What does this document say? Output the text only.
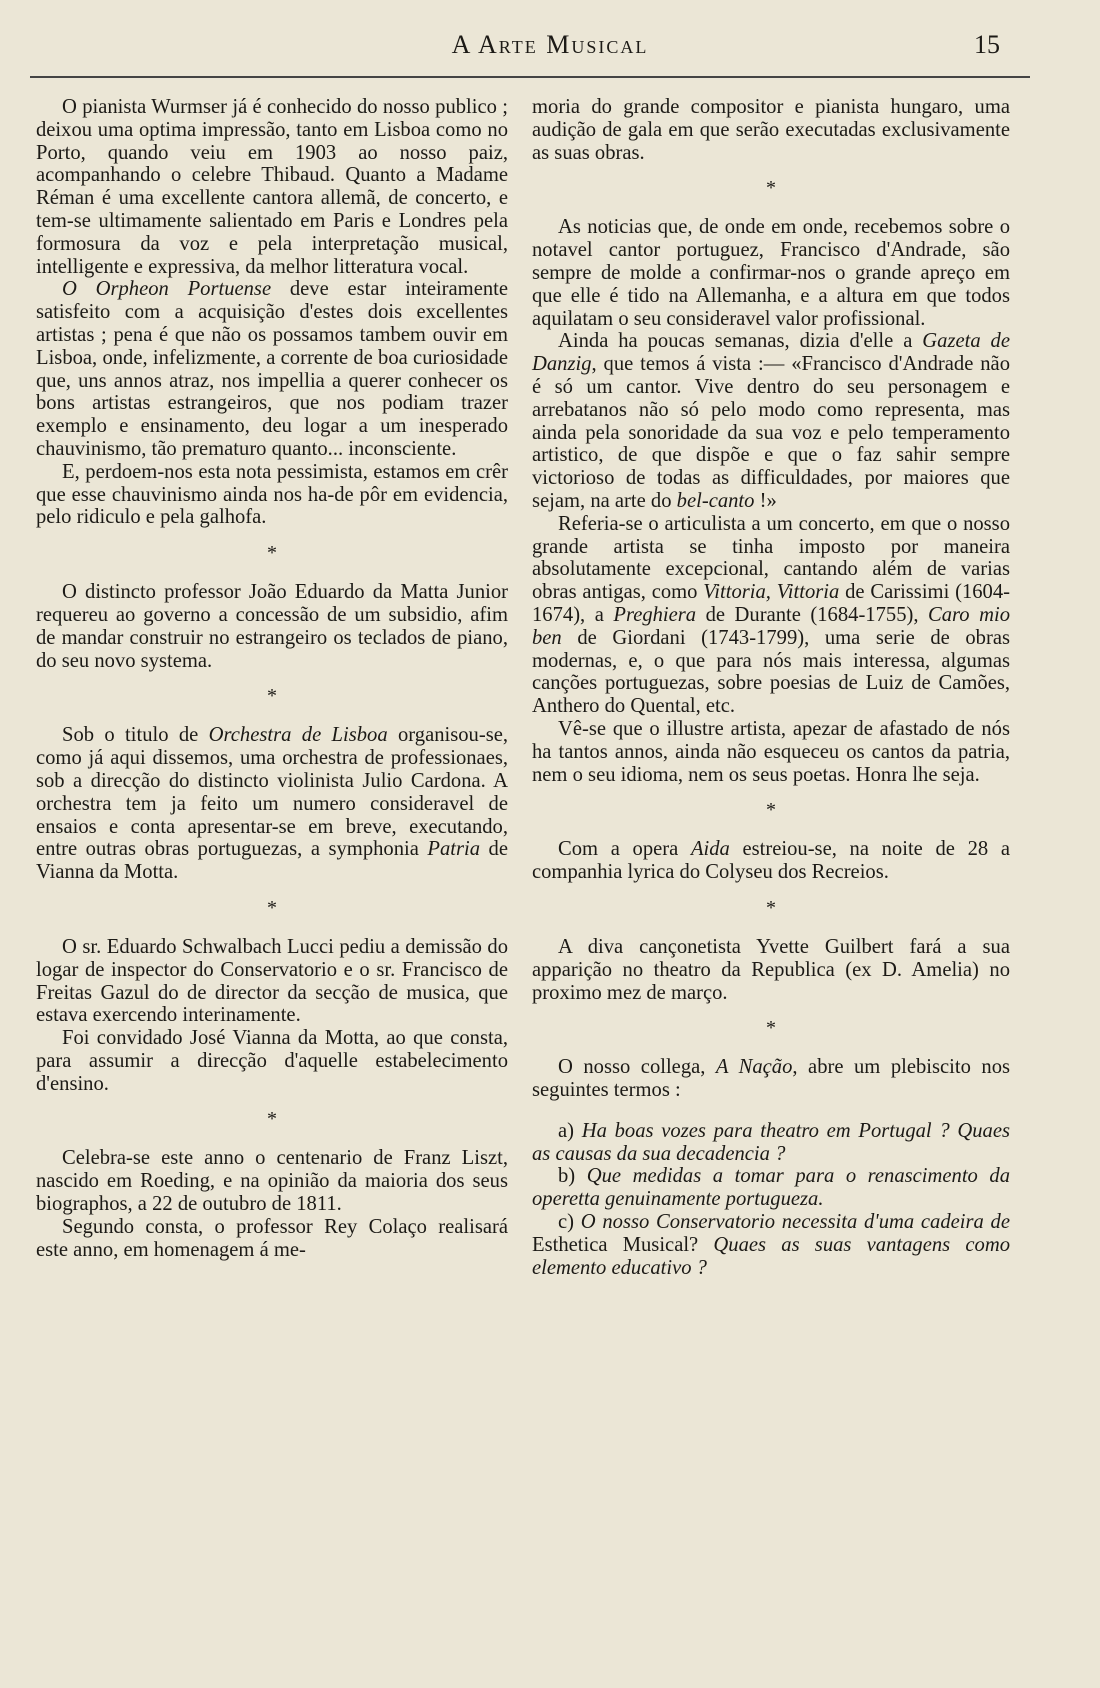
A Arte Musical	15

O pianista Wurmser já é conhecido do nosso publico ; deixou uma optima impressão, tanto em Lisboa como no Porto, quando veiu em 1903 ao nosso paiz, acompanhando o celebre Thibaud. Quanto a Madame Réman é uma excellente cantora allemã, de concerto, e tem-se ultimamente salientado em Paris e Londres pela formosura da voz e pela interpretação musical, intelligente e expressiva, da melhor litteratura vocal.

O Orpheon Portuense deve estar inteiramente satisfeito com a acquisição d'estes dois excellentes artistas ; pena é que não os possamos tambem ouvir em Lisboa, onde, infelizmente, a corrente de boa curiosidade que, uns annos atraz, nos impellia a querer conhecer os bons artistas estrangeiros, que nos podiam trazer exemplo e ensinamento, deu logar a um inesperado chauvinismo, tão prematuro quanto... inconsciente.

E, perdoem-nos esta nota pessimista, estamos em crêr que esse chauvinismo ainda nos ha-de pôr em evidencia, pelo ridiculo e pela galhofa.

*

O distincto professor João Eduardo da Matta Junior requereu ao governo a concessão de um subsidio, afim de mandar construir no estrangeiro os teclados de piano, do seu novo systema.

*

Sob o titulo de Orchestra de Lisboa organisou-se, como já aqui dissemos, uma orchestra de professionaes, sob a direcção do distincto violinista Julio Cardona. A orchestra tem ja feito um numero consideravel de ensaios e conta apresentar-se em breve, executando, entre outras obras portuguezas, a symphonia Patria de Vianna da Motta.

*

O sr. Eduardo Schwalbach Lucci pediu a demissão do logar de inspector do Conservatorio e o sr. Francisco de Freitas Gazul do de director da secção de musica, que estava exercendo interinamente.

Foi convidado José Vianna da Motta, ao que consta, para assumir a direcção d'aquelle estabelecimento d'ensino.

*

Celebra-se este anno o centenario de Franz Liszt, nascido em Roeding, e na opinião da maioria dos seus biographos, a 22 de outubro de 1811.

Segundo consta, o professor Rey Colaço realisará este anno, em homenagem á me-

moria do grande compositor e pianista hungaro, uma audição de gala em que serão executadas exclusivamente as suas obras.

*

As noticias que, de onde em onde, recebemos sobre o notavel cantor portuguez, Francisco d'Andrade, são sempre de molde a confirmar-nos o grande apreço em que elle é tido na Allemanha, e a altura em que todos aquilatam o seu consideravel valor profissional.

Ainda ha poucas semanas, dizia d'elle a Gazeta de Danzig, que temos á vista :— «Francisco d'Andrade não é só um cantor. Vive dentro do seu personagem e arrebatanos não só pelo modo como representa, mas ainda pela sonoridade da sua voz e pelo temperamento artistico, de que dispõe e que o faz sahir sempre victorioso de todas as difficuldades, por maiores que sejam, na arte do bel-canto !»

Referia-se o articulista a um concerto, em que o nosso grande artista se tinha imposto por maneira absolutamente excepcional, cantando além de varias obras antigas, como Vittoria, Vittoria de Carissimi (1604-1674), a Preghiera de Durante (1684-1755), Caro mio ben de Giordani (1743-1799), uma serie de obras modernas, e, o que para nós mais interessa, algumas canções portuguezas, sobre poesias de Luiz de Camões, Anthero do Quental, etc.

Vê-se que o illustre artista, apezar de afastado de nós ha tantos annos, ainda não esqueceu os cantos da patria, nem o seu idioma, nem os seus poetas. Honra lhe seja.

*

Com a opera Aida estreiou-se, na noite de 28 a companhia lyrica do Colyseu dos Recreios.

*

A diva cançonetista Yvette Guilbert fará a sua apparição no theatro da Republica (ex D. Amelia) no proximo mez de março.

*

O nosso collega, A Nação, abre um plebiscito nos seguintes termos :

a) Ha boas vozes para theatro em Portugal ? Quaes as causas da sua decadencia ?

b) Que medidas a tomar para o renascimento da operetta genuinamente portugueza.

c) O nosso Conservatorio necessita d'uma cadeira de Esthetica Musical? Quaes as suas vantagens como elemento educativo ?
